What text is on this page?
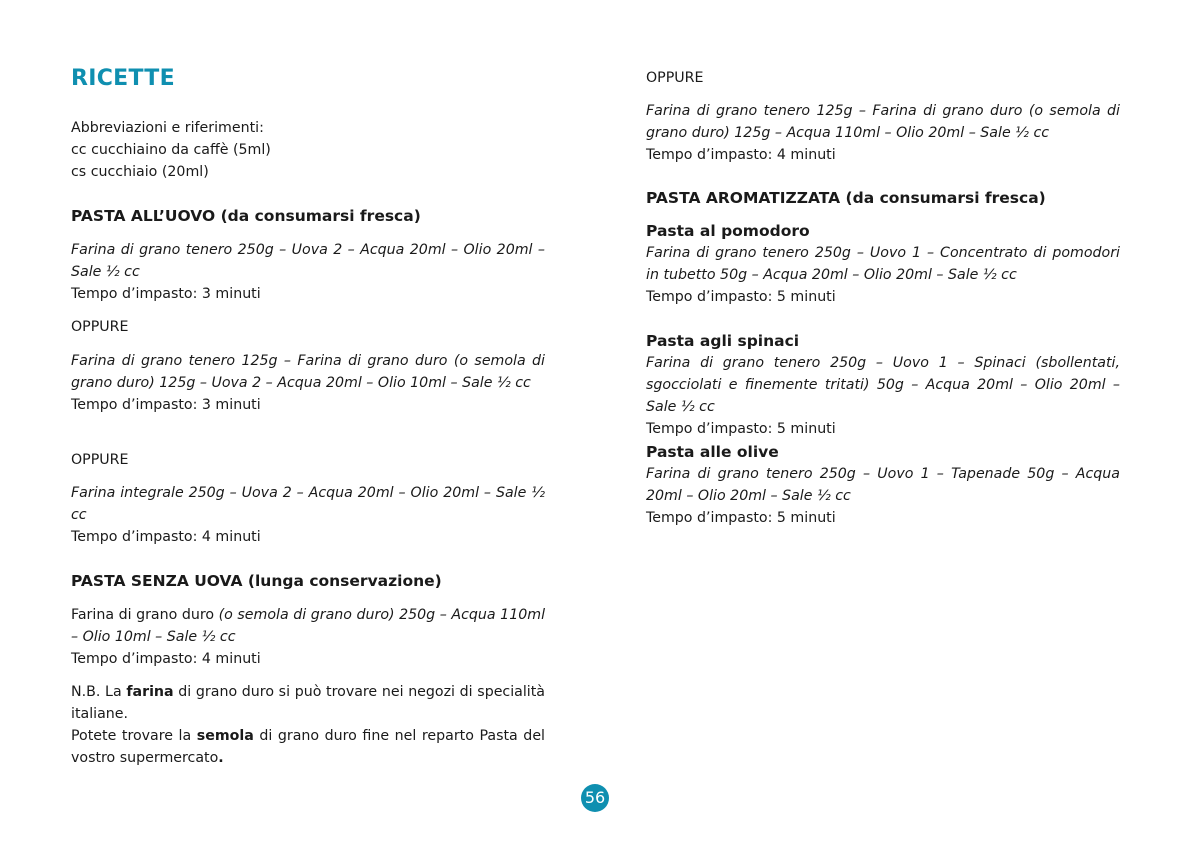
RICETTE
Abbreviazioni e riferimenti:
cc cucchiaino da caffè (5ml)
cs cucchiaio (20ml)
PASTA ALL’UOVO (da consumarsi fresca)
Farina di grano tenero 250g – Uova 2 – Acqua 20ml – Olio 20ml – Sale ½ cc
Tempo d’impasto: 3 minuti
OPPURE
Farina di grano tenero 125g – Farina di grano duro (o semola di grano duro) 125g – Uova 2 – Acqua 20ml – Olio 10ml – Sale ½ cc
Tempo d’impasto: 3 minuti
OPPURE
Farina integrale 250g – Uova 2 – Acqua 20ml – Olio 20ml – Sale ½ cc
Tempo d’impasto: 4 minuti
PASTA SENZA UOVA (lunga conservazione)
Farina di grano duro (o semola di grano duro) 250g – Acqua 110ml – Olio 10ml – Sale ½ cc
Tempo d’impasto: 4 minuti
N.B. La farina di grano duro si può trovare nei negozi di specialità italiane.
Potete trovare la semola di grano duro fine nel reparto Pasta del vostro supermercato.
OPPURE
Farina di grano tenero 125g – Farina di grano duro (o semola di grano duro) 125g – Acqua 110ml – Olio 20ml – Sale ½ cc
Tempo d’impasto: 4 minuti
PASTA AROMATIZZATA (da consumarsi fresca)
Pasta al pomodoro
Farina di grano tenero 250g – Uovo 1 – Concentrato di pomodori in tubetto 50g – Acqua 20ml – Olio 20ml – Sale ½ cc
Tempo d’impasto: 5 minuti
Pasta agli spinaci
Farina di grano tenero 250g – Uovo 1 – Spinaci (sbollentati, sgocciolati e finemente tritati) 50g – Acqua 20ml – Olio 20ml – Sale ½ cc
Tempo d’impasto: 5 minuti
Pasta alle olive
Farina di grano tenero 250g – Uovo 1 – Tapenade 50g – Acqua 20ml – Olio 20ml – Sale ½ cc
Tempo d’impasto: 5 minuti
56
